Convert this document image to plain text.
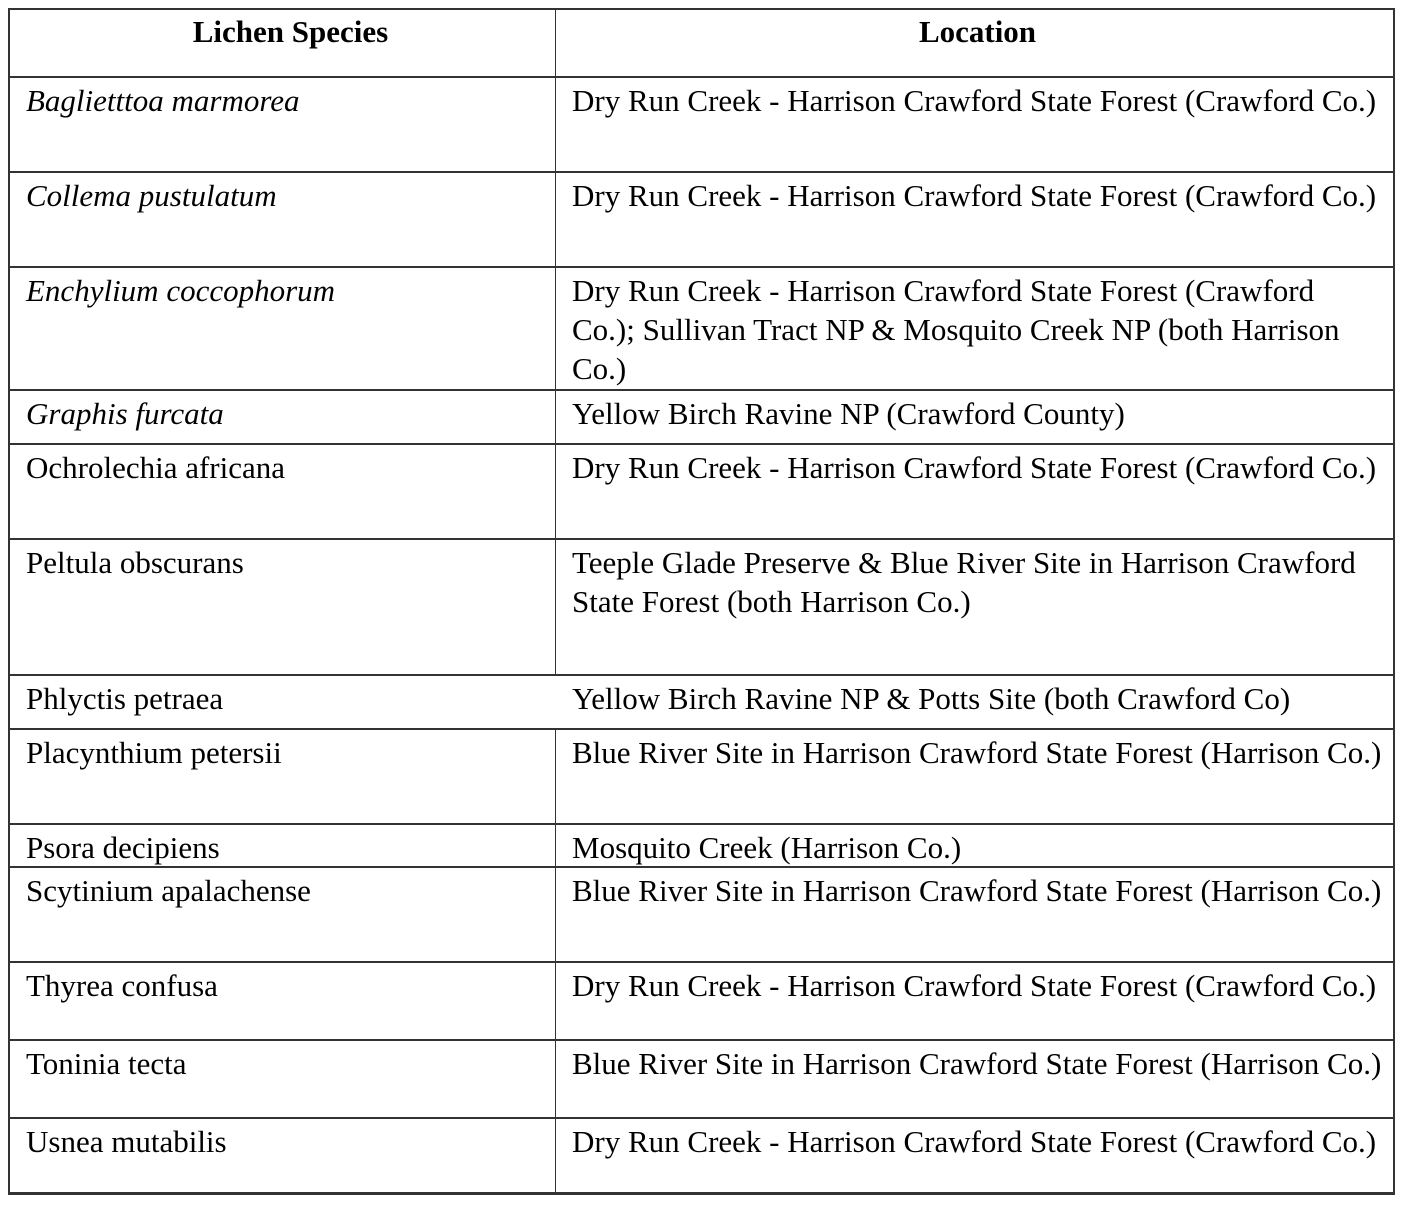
Lichen Species	Location
Baglietttoa marmorea	Dry Run Creek - Harrison Crawford State Forest (Crawford Co.)
Collema pustulatum	Dry Run Creek - Harrison Crawford State Forest (Crawford Co.)
Enchylium coccophorum	Dry Run Creek - Harrison Crawford State Forest (Crawford Co.); Sullivan Tract NP & Mosquito Creek NP (both Harrison Co.)
Graphis furcata	Yellow Birch Ravine NP (Crawford County)
Ochrolechia africana	Dry Run Creek - Harrison Crawford State Forest (Crawford Co.)
Peltula obscurans	Teeple Glade Preserve & Blue River Site in Harrison Crawford State Forest (both Harrison Co.)
Phlyctis petraea	Yellow Birch Ravine NP & Potts Site (both Crawford Co)
Placynthium petersii	Blue River Site in Harrison Crawford State Forest (Harrison Co.)
Psora decipiens	Mosquito Creek (Harrison Co.)
Scytinium apalachense	Blue River Site in Harrison Crawford State Forest (Harrison Co.)
Thyrea confusa	Dry Run Creek - Harrison Crawford State Forest (Crawford Co.)
Toninia tecta	Blue River Site in Harrison Crawford State Forest (Harrison Co.)
Usnea mutabilis	Dry Run Creek - Harrison Crawford State Forest (Crawford Co.)
